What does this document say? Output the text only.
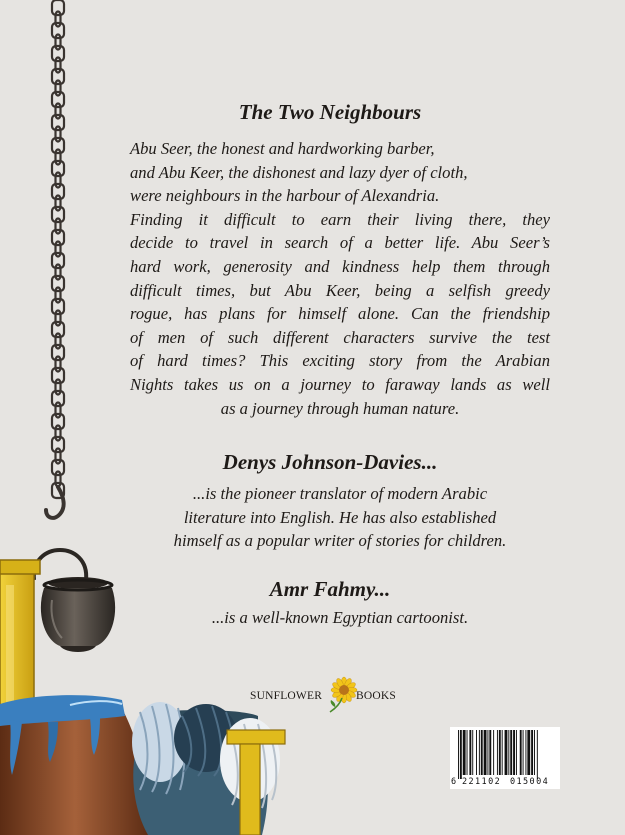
The Two Neighbours
Abu Seer, the honest and hardworking barber,
and Abu Keer, the dishonest and lazy dyer of cloth,
were neighbours in the harbour of Alexandria.
Finding it difficult to earn their living there, they
decide to travel in search of a better life. Abu Seer’s
hard work, generosity and kindness help them through
difficult times, but Abu Keer, being a selfish greedy
rogue, has plans for himself alone. Can the friendship
of men of such different characters survive the test
of hard times? This exciting story from the Arabian
Nights takes us on a journey to faraway lands as well
as a journey through human nature.
Denys Johnson-Davies...
...is the pioneer translator of modern Arabic
literature into English. He has also established
himself as a popular writer of stories for children.
Amr Fahmy...
...is a well-known Egyptian cartoonist.
SUNFLOWER	BOOKS
6 221102 015004
